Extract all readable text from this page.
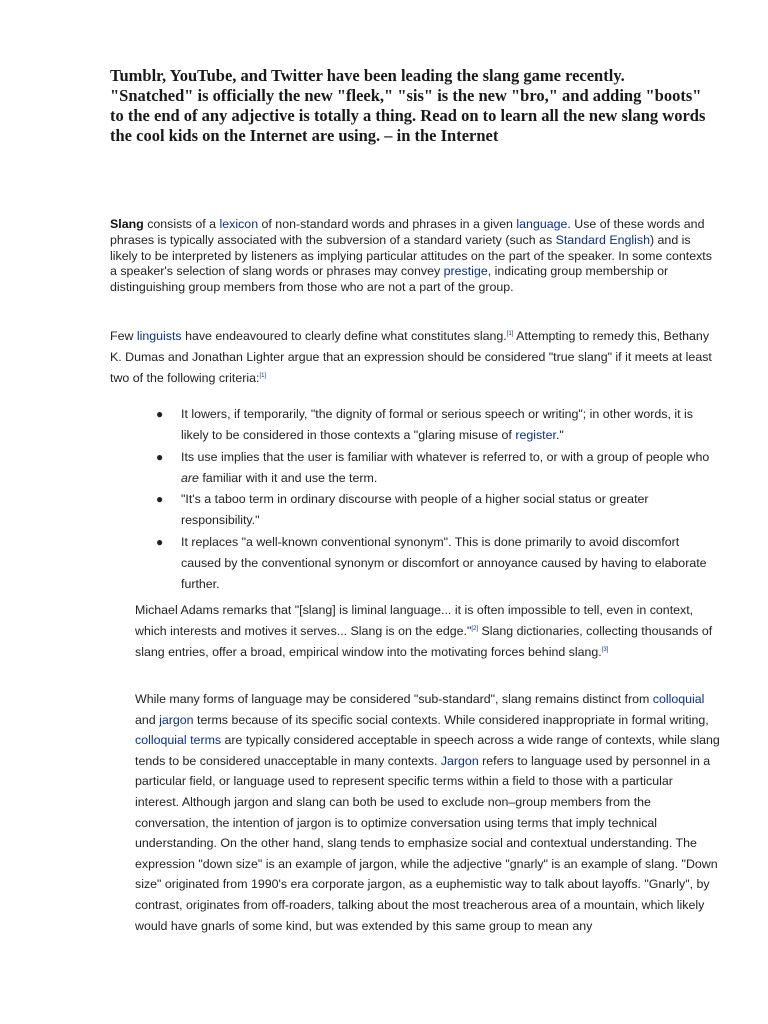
Tumblr, YouTube, and Twitter have been leading the slang game recently. "Snatched" is officially the new "fleek," "sis" is the new "bro," and adding "boots" to the end of any adjective is totally a thing. Read on to learn all the new slang words the cool kids on the Internet are using. – in the Internet

Slang consists of a lexicon of non-standard words and phrases in a given language. Use of these words and phrases is typically associated with the subversion of a standard variety (such as Standard English) and is likely to be interpreted by listeners as implying particular attitudes on the part of the speaker. In some contexts a speaker's selection of slang words or phrases may convey prestige, indicating group membership or distinguishing group members from those who are not a part of the group.

Few linguists have endeavoured to clearly define what constitutes slang.[1] Attempting to remedy this, Bethany K. Dumas and Jonathan Lighter argue that an expression should be considered "true slang" if it meets at least two of the following criteria:[1]

● It lowers, if temporarily, "the dignity of formal or serious speech or writing"; in other words, it is likely to be considered in those contexts a "glaring misuse of register."
● Its use implies that the user is familiar with whatever is referred to, or with a group of people who are familiar with it and use the term.
● "It's a taboo term in ordinary discourse with people of a higher social status or greater responsibility."
● It replaces "a well-known conventional synonym". This is done primarily to avoid discomfort caused by the conventional synonym or discomfort or annoyance caused by having to elaborate further.

Michael Adams remarks that "[slang] is liminal language... it is often impossible to tell, even in context, which interests and motives it serves... Slang is on the edge."[2] Slang dictionaries, collecting thousands of slang entries, offer a broad, empirical window into the motivating forces behind slang.[3]

While many forms of language may be considered "sub-standard", slang remains distinct from colloquial and jargon terms because of its specific social contexts. While considered inappropriate in formal writing, colloquial terms are typically considered acceptable in speech across a wide range of contexts, while slang tends to be considered unacceptable in many contexts. Jargon refers to language used by personnel in a particular field, or language used to represent specific terms within a field to those with a particular interest. Although jargon and slang can both be used to exclude non–group members from the conversation, the intention of jargon is to optimize conversation using terms that imply technical understanding. On the other hand, slang tends to emphasize social and contextual understanding. The expression "down size" is an example of jargon, while the adjective "gnarly" is an example of slang. "Down size" originated from 1990's era corporate jargon, as a euphemistic way to talk about layoffs. "Gnarly", by contrast, originates from off-roaders, talking about the most treacherous area of a mountain, which likely would have gnarls of some kind, but was extended by this same group to mean any
